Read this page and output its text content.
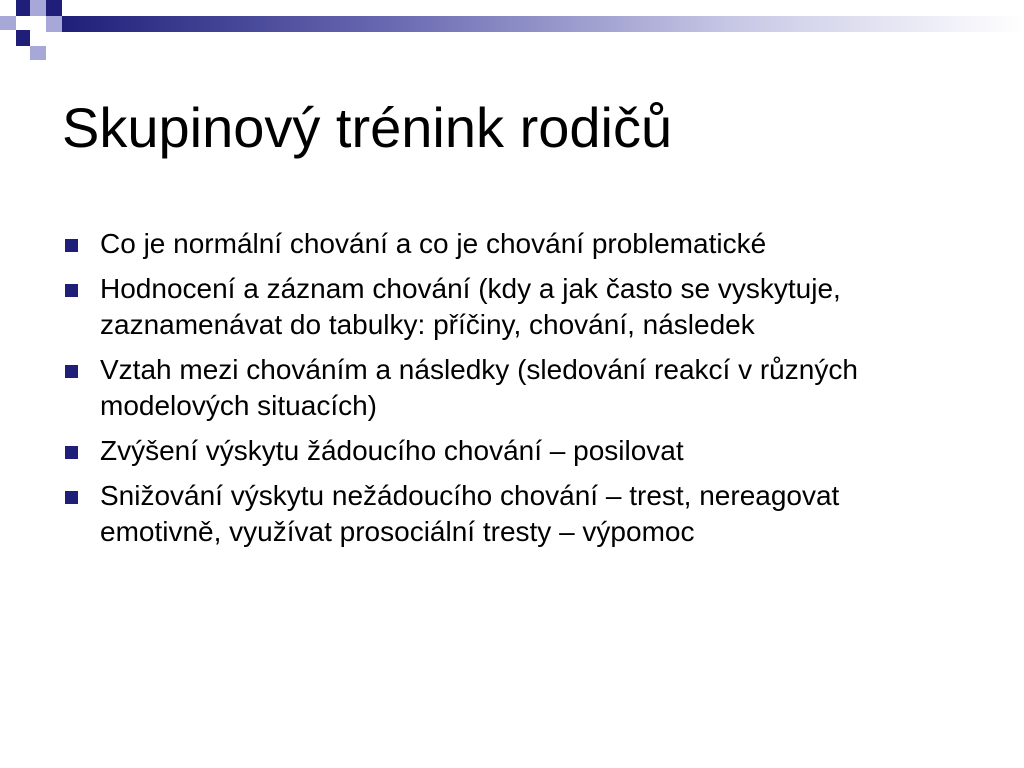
Skupinový trénink rodičů
Co je normální chování a co je chování problematické
Hodnocení a záznam chování (kdy a jak často se vyskytuje, zaznamenávat do tabulky: příčiny, chování, následek
Vztah mezi chováním a následky (sledování reakcí v různých modelových situacích)
Zvýšení výskytu žádoucího chování – posilovat
Snižování výskytu nežádoucího chování – trest, nereagovat emotivně, využívat prosociální tresty – výpomoc
